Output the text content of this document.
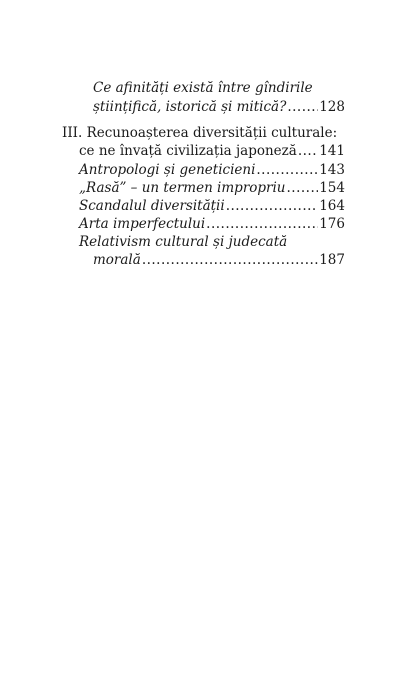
Ce afinități există între gîndirile
științifică, istorică și mitică? ..... 128
III. Recunoașterea diversității culturale:
ce ne învață civilizația japoneză ..... 141
Antropologi și geneticieni .....	143
„Rasă” – un termen impropriu ..... 154
Scandalul diversității .....	164
Arta imperfectului .....	176
Relativism cultural și judecată
morală .....	187
